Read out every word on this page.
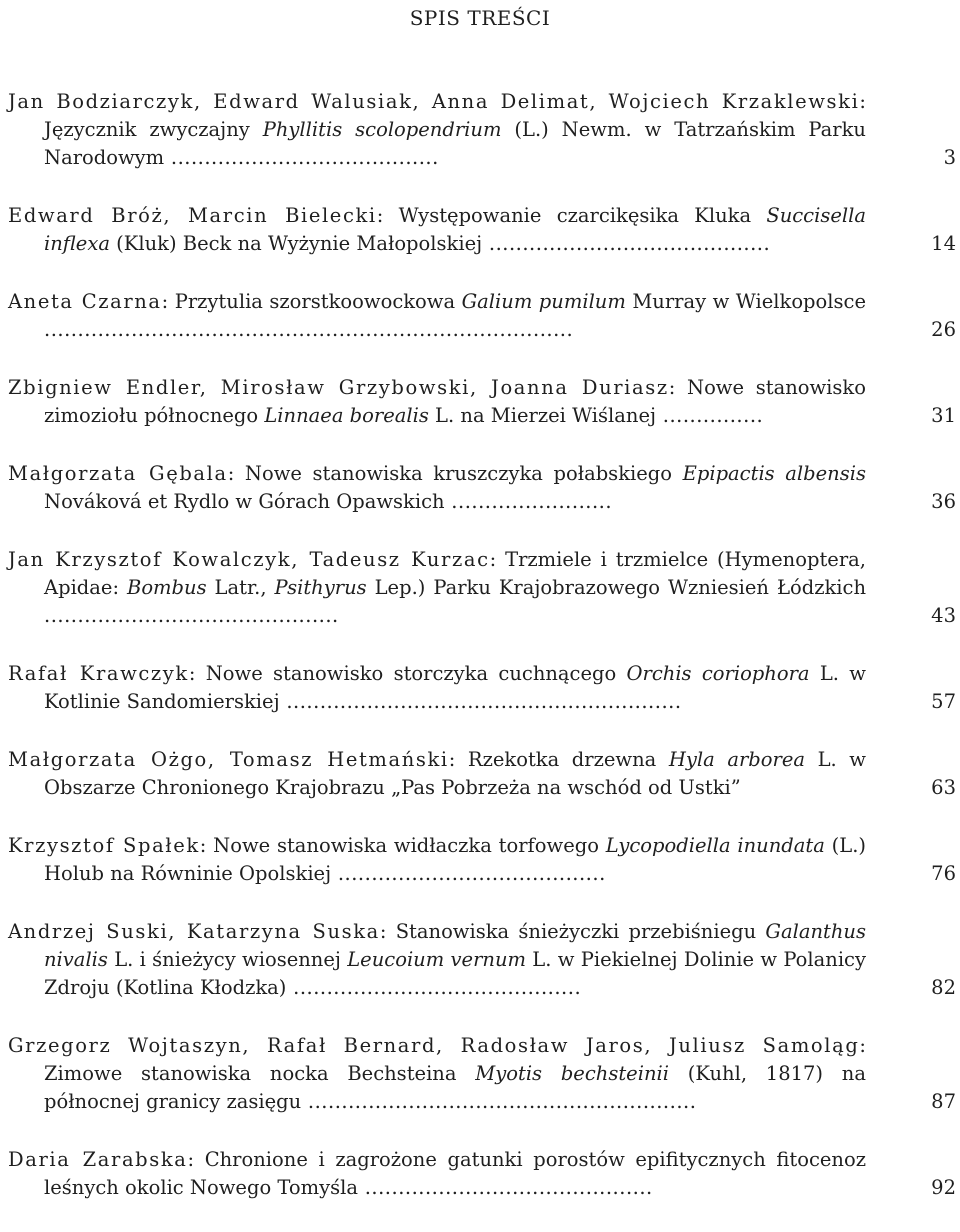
SPIS TREŚCI
Jan Bodziarczyk, Edward Walusiak, Anna Delimat, Wojciech Krzaklewski: Języcznik zwyczajny Phyllitis scolopendrium (L.) Newm. w Tatrzańskim Parku Narodowym ........................................	3
Edward Bróż, Marcin Bielecki: Występowanie czarcikęsika Kluka Succisella inflexa (Kluk) Beck na Wyżynie Małopolskiej ..........................................	14
Aneta Czarna: Przytulia szorstkoowockowa Galium pumilum Murray w Wielkopolsce ...............................................................................	26
Zbigniew Endler, Mirosław Grzybowski, Joanna Duriasz: Nowe stanowisko zimoziołu północnego Linnaea borealis L. na Mierzei Wiślanej ...............	31
Małgorzata Gębala: Nowe stanowiska kruszczyka połabskiego Epipactis albensis Nováková et Rydlo w Górach Opawskich ........................	36
Jan Krzysztof Kowalczyk, Tadeusz Kurzac: Trzmiele i trzmielce (Hymenoptera, Apidae: Bombus Latr., Psithyrus Lep.) Parku Krajobrazowego Wzniesień Łódzkich ............................................	43
Rafał Krawczyk: Nowe stanowisko storczyka cuchnącego Orchis coriophora L. w Kotlinie Sandomierskiej ...........................................................	57
Małgorzata Ożgo, Tomasz Hetmański: Rzekotka drzewna Hyla arborea L. w Obszarze Chronionego Krajobrazu „Pas Pobrzeża na wschód od Ustki”	63
Krzysztof Spałek: Nowe stanowiska widłaczka torfowego Lycopodiella inundata (L.) Holub na Równinie Opolskiej ........................................	76
Andrzej Suski, Katarzyna Suska: Stanowiska śnieżyczki przebiśniegu Galanthus nivalis L. i śnieżycy wiosennej Leucoium vernum L. w Piekielnej Dolinie w Polanicy Zdroju (Kotlina Kłodzka) ...........................................	82
Grzegorz Wojtaszyn, Rafał Bernard, Radosław Jaros, Juliusz Samoląg: Zimowe stanowiska nocka Bechsteina Myotis bechsteinii (Kuhl, 1817) na północnej granicy zasięgu ..........................................................	87
Daria Zarabska: Chronione i zagrożone gatunki porostów epifitycznych fitocenoz leśnych okolic Nowego Tomyśla ...........................................	92
